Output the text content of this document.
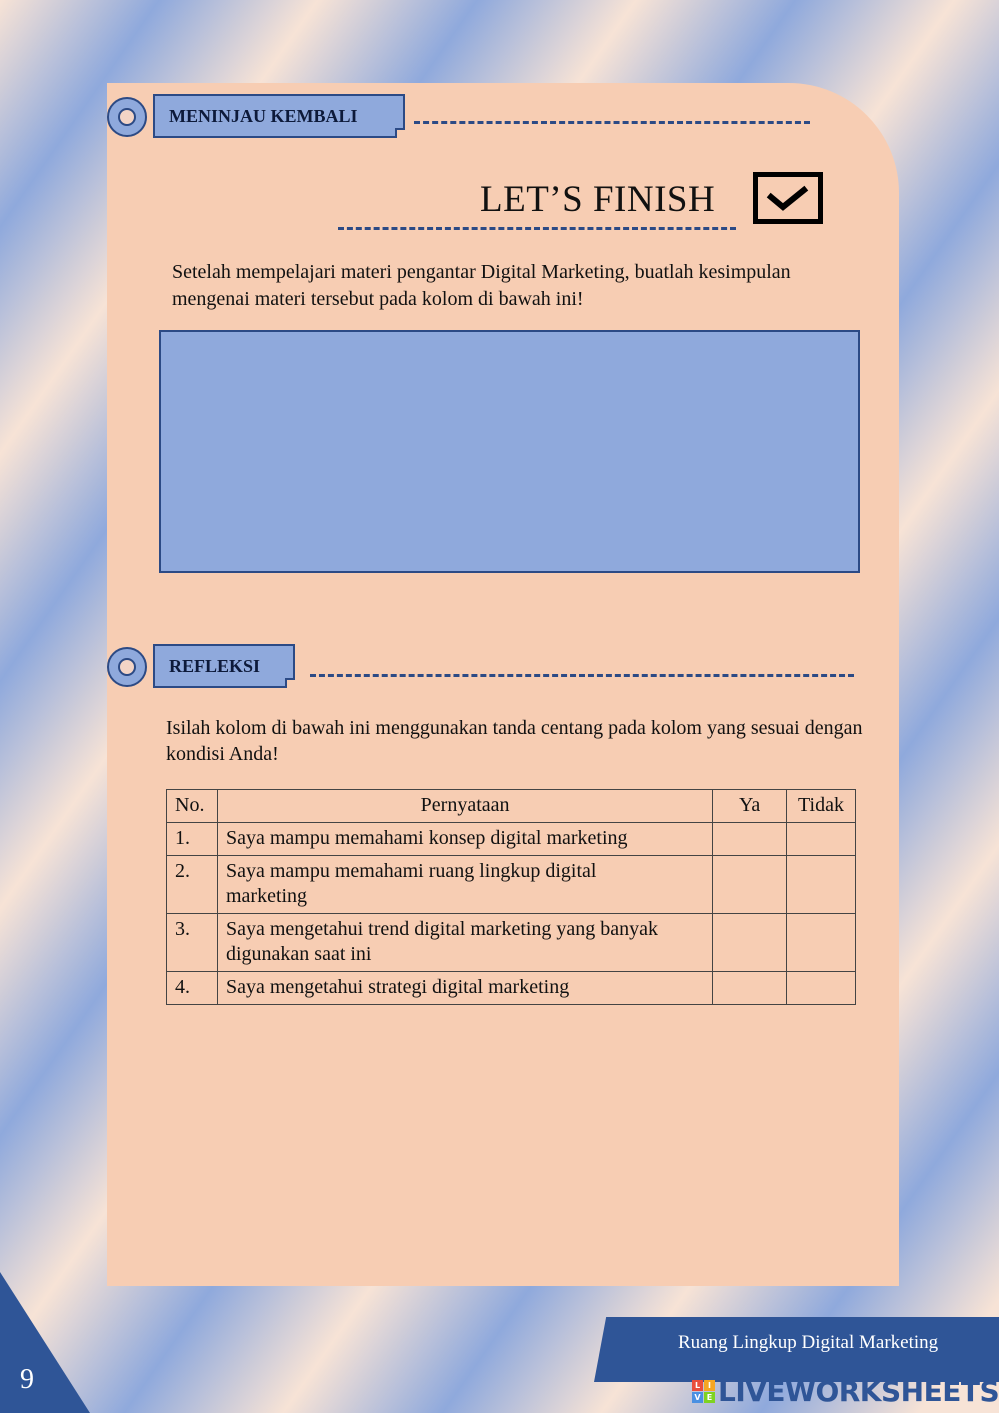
MENINJAU KEMBALI
LET’S FINISH
Setelah mempelajari materi pengantar Digital Marketing, buatlah kesimpulan mengenai materi tersebut pada kolom di bawah ini!
REFLEKSI
Isilah kolom di bawah ini menggunakan tanda centang pada kolom yang sesuai dengan kondisi Anda!
No.	Pernyataan	Ya	Tidak
1.	Saya mampu memahami konsep digital marketing		
2.	Saya mampu memahami ruang lingkup digital marketing		
3.	Saya mengetahui trend digital marketing yang banyak digunakan saat ini		
4.	Saya mengetahui strategi digital marketing		
9
Ruang Lingkup Digital Marketing
L I
V E LIVEWORKSHEETS
